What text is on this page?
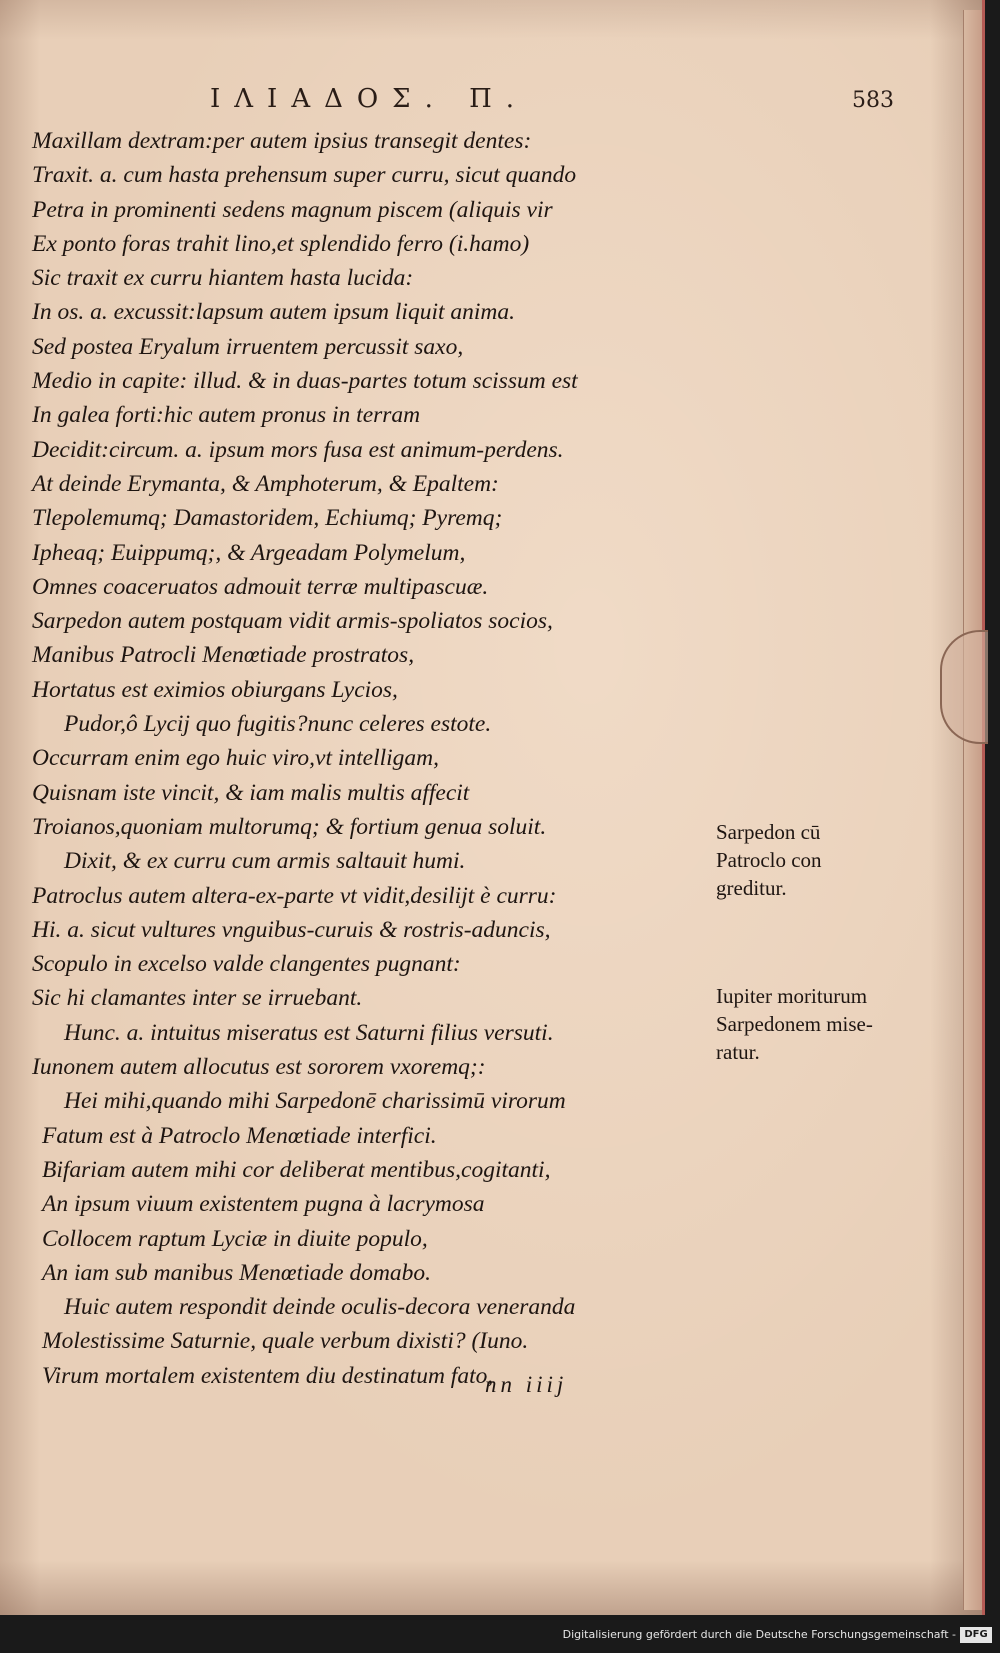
ΙΛΙΑΔΟΣ. Π.	583
Maxillam dextram:per autem ipsius transegit dentes:
Traxit. a. cum hasta prehensum super curru, sicut quando
Petra in prominenti sedens magnum piscem (aliquis vir
Ex ponto foras trahit lino,et splendido ferro (i.hamo)
Sic traxit ex curru hiantem hasta lucida:
In os. a. excussit:lapsum autem ipsum liquit anima.
Sed postea Eryalum irruentem percussit saxo,
Medio in capite: illud. & in duas-partes totum scissum est
In galea forti:hic autem pronus in terram
Decidit:circum. a. ipsum mors fusa est animum-perdens.
At deinde Erymanta, & Amphoterum, & Epaltem:
Tlepolemumq; Damastoridem, Echiumq; Pyremq;
Ipheaq; Euippumq;, & Argeadam Polymelum,
Omnes coaceruatos admouit terræ multipascuæ.
Sarpedon autem postquam vidit armis-spoliatos socios,
Manibus Patrocli Menœtiade prostratos,
Hortatus est eximios obiurgans Lycios,
Pudor,ô Lycij quo fugitis?nunc celeres estote.
Occurram enim ego huic viro,vt intelligam,
Quisnam iste vincit, & iam malis multis affecit
Troianos,quoniam multorumq; & fortium genua soluit.
Dixit, & ex curru cum armis saltauit humi.
Patroclus autem altera-ex-parte vt vidit,desilijt è curru:
Hi. a. sicut vultures vnguibus-curuis & rostris-aduncis,
Scopulo in excelso valde clangentes pugnant:
Sic hi clamantes inter se irruebant.
Hunc. a. intuitus miseratus est Saturni filius versuti.
Iunonem autem allocutus est sororem vxoremq;:
Hei mihi,quando mihi Sarpedonē charissimū virorum
Fatum est à Patroclo Menœtiade interfici.
Bifariam autem mihi cor deliberat mentibus,cogitanti,
An ipsum viuum existentem pugna à lacrymosa
Collocem raptum Lyciæ in diuite populo,
An iam sub manibus Menœtiade domabo.
Huic autem respondit deinde oculis-decora veneranda
Molestissime Saturnie, quale verbum dixisti? (Iuno.
Virum mortalem existentem diu destinatum fato,
Sarpedon cū Patroclo con greditur.
Iupiter moriturum Sarpedonem miseratur.
nn iiij
Digitalisierung gefördert durch die Deutsche Forschungsgemeinschaft - DFG
